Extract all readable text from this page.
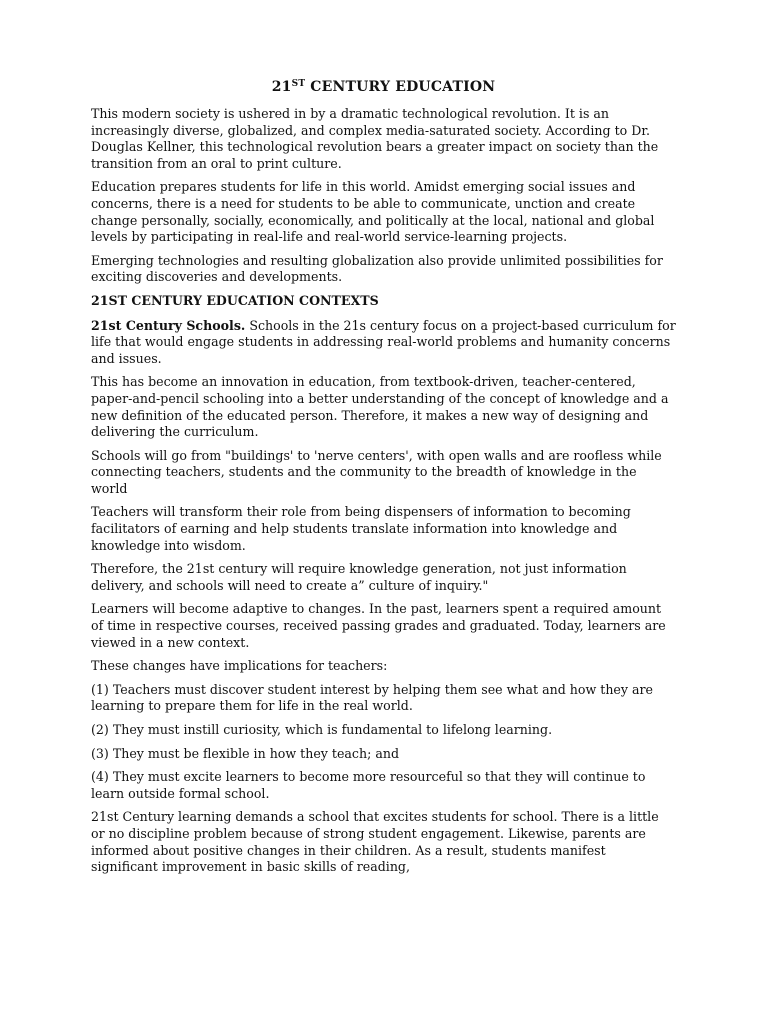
21ST CENTURY EDUCATION

This modern society is ushered in by a dramatic technological revolution. It is an increasingly diverse, globalized, and complex media-saturated society. According to Dr. Douglas Kellner, this technological revolution bears a greater impact on society than the transition from an oral to print culture.

Education prepares students for life in this world. Amidst emerging social issues and concerns, there is a need for students to be able to communicate, unction and create change personally, socially, economically, and politically at the local, national and global levels by participating in real-life and real-world service-learning projects.

Emerging technologies and resulting globalization also provide unlimited possibilities for exciting discoveries and developments.

21ST CENTURY EDUCATION CONTEXTS

21st Century Schools. Schools in the 21s century focus on a project-based curriculum for life that would engage students in addressing real-world problems and humanity concerns and issues.

This has become an innovation in education, from textbook-driven, teacher-centered, paper-and-pencil schooling into a better understanding of the concept of knowledge and a new definition of the educated person. Therefore, it makes a new way of designing and delivering the curriculum.

Schools will go from "buildings' to 'nerve centers', with open walls and are roofless while connecting teachers, students and the community to the breadth of knowledge in the world

Teachers will transform their role from being dispensers of information to becoming facilitators of earning and help students translate information into knowledge and knowledge into wisdom.

Therefore, the 21st century will require knowledge generation, not just information delivery, and schools will need to create a” culture of inquiry."

Learners will become adaptive to changes. In the past, learners spent a required amount of time in respective courses, received passing grades and graduated. Today, learners are viewed in a new context.

These changes have implications for teachers:

(1) Teachers must discover student interest by helping them see what and how they are learning to prepare them for life in the real world.

(2) They must instill curiosity, which is fundamental to lifelong learning.

(3) They must be flexible in how they teach; and

(4) They must excite learners to become more resourceful so that they will continue to learn outside formal school.

21st Century learning demands a school that excites students for school. There is a little or no discipline problem because of strong student engagement. Likewise, parents are informed about positive changes in their children. As a result, students manifest significant improvement in basic skills of reading,
